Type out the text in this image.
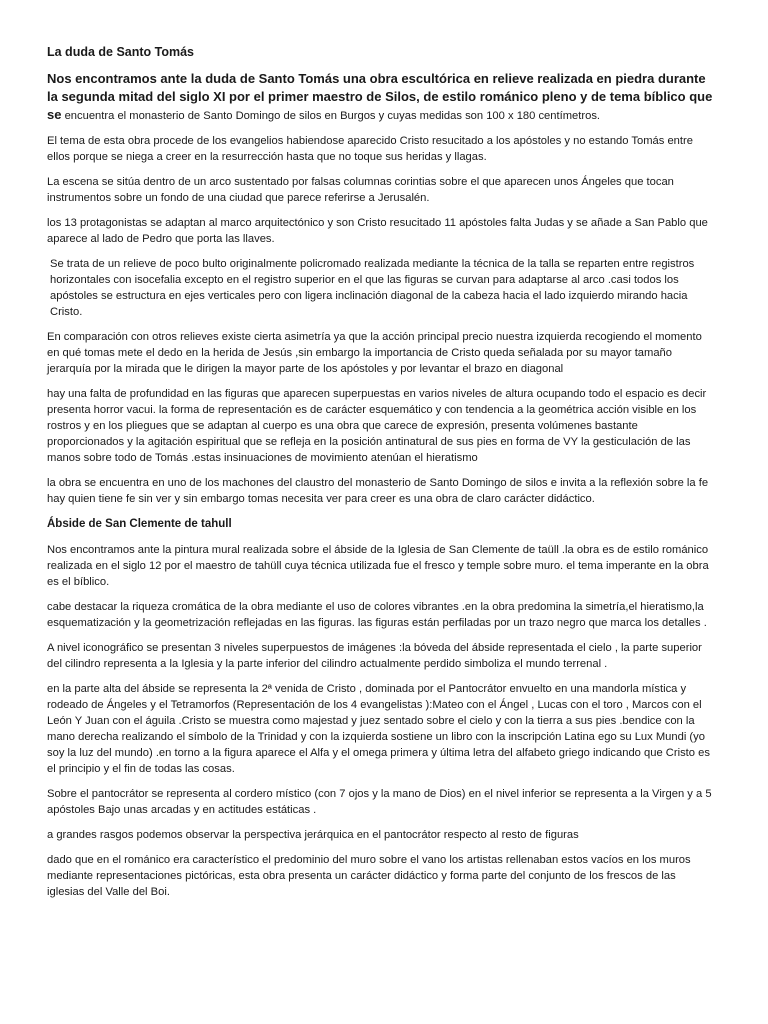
La duda de Santo Tomás

Nos encontramos ante la duda de Santo Tomás una obra escultórica en relieve realizada en piedra durante la segunda mitad del siglo XI por el primer maestro de Silos, de estilo románico pleno y de tema bíblico que se encuentra el monasterio de Santo Domingo de silos en Burgos y cuyas medidas son 100 x 180 centímetros.

El tema de esta obra procede de los evangelios habiendose aparecido Cristo resucitado a los apóstoles y no estando Tomás entre ellos porque se niega a creer en la resurrección hasta que no toque sus heridas y llagas.

La escena se sitúa dentro de un arco sustentado por falsas columnas corintias sobre el que aparecen unos Ángeles que tocan instrumentos sobre un fondo de una ciudad que parece referirse a Jerusalén.

los 13 protagonistas se adaptan al marco arquitectónico y son Cristo resucitado 11 apóstoles falta Judas y se añade a San Pablo que aparece al lado de Pedro que porta las llaves.

Se trata de un relieve de poco bulto originalmente policromado realizada mediante la técnica de la talla se reparten entre registros horizontales con isocefalia excepto en el registro superior en el que las figuras se curvan para adaptarse al arco .casi todos los apóstoles se estructura en ejes verticales pero con ligera inclinación diagonal de la cabeza hacia el lado izquierdo mirando hacia Cristo.

En comparación con otros relieves existe cierta asimetría ya que la acción principal precio nuestra izquierda recogiendo el momento en qué tomas mete el dedo en la herida de Jesús ,sin embargo la importancia de Cristo queda señalada por su mayor tamaño jerarquía por la mirada que le dirigen la mayor parte de los apóstoles y por levantar el brazo en diagonal

hay una falta de profundidad en las figuras que aparecen superpuestas en varios niveles de altura ocupando todo el espacio es decir presenta horror vacui. la forma de representación es de carácter esquemático y con tendencia a la geométrica acción visible en los rostros y en los pliegues que se adaptan al cuerpo es una obra que carece de expresión, presenta volúmenes bastante proporcionados y la agitación espiritual que se refleja en la posición antinatural de sus pies en forma de VY la gesticulación de las manos sobre todo de Tomás .estas insinuaciones de movimiento atenúan el hieratismo

la obra se encuentra en uno de los machones del claustro del monasterio de Santo Domingo de silos e invita a la reflexión sobre la fe hay quien tiene fe sin ver y sin embargo tomas necesita ver para creer es una obra de claro carácter didáctico.

Ábside de San Clemente de tahull

Nos encontramos ante la pintura mural realizada sobre el ábside de la Iglesia de San Clemente de taüll .la obra es de estilo románico realizada en el siglo 12 por el maestro de tahüll cuya técnica utilizada fue el fresco y temple sobre muro. el tema imperante en la obra es el bíblico.

cabe destacar la riqueza cromática de la obra mediante el uso de colores vibrantes .en la obra predomina la simetría,el hieratismo,la esquematización y la geometrización reflejadas en las figuras. las figuras están perfiladas por un trazo negro que marca los detalles .

A nivel iconográfico se presentan 3 niveles superpuestos de imágenes :la bóveda del ábside representada el cielo , la parte superior del cilindro representa a la Iglesia y la parte inferior del cilindro actualmente perdido simboliza el mundo terrenal .

en la parte alta del ábside se representa la 2ª venida de Cristo , dominada por el Pantocrátor envuelto en una mandorla mística y rodeado de Ángeles y el Tetramorfos (Representación de los 4 evangelistas ):Mateo con el Ángel , Lucas con el toro , Marcos con el León Y Juan con el águila .Cristo se muestra como majestad y juez sentado sobre el cielo y con la tierra a sus pies .bendice con la mano derecha realizando el símbolo de la Trinidad y con la izquierda sostiene un libro con la inscripción Latina ego su Lux Mundi (yo soy la luz del mundo) .en torno a la figura aparece el Alfa y el omega primera y última letra del alfabeto griego indicando que Cristo es el principio y el fin de todas las cosas.

Sobre el pantocrátor se representa al cordero místico (con 7 ojos y la mano de Dios) en el nivel inferior se representa a la Virgen y a 5 apóstoles Bajo unas arcadas y en actitudes estáticas .

a grandes rasgos podemos observar la perspectiva jerárquica en el pantocrátor respecto al resto de figuras

dado que en el románico era característico el predominio del muro sobre el vano los artistas rellenaban estos vacíos en los muros mediante representaciones pictóricas, esta obra presenta un carácter didáctico y forma parte del conjunto de los frescos de las iglesias del Valle del Boi.
